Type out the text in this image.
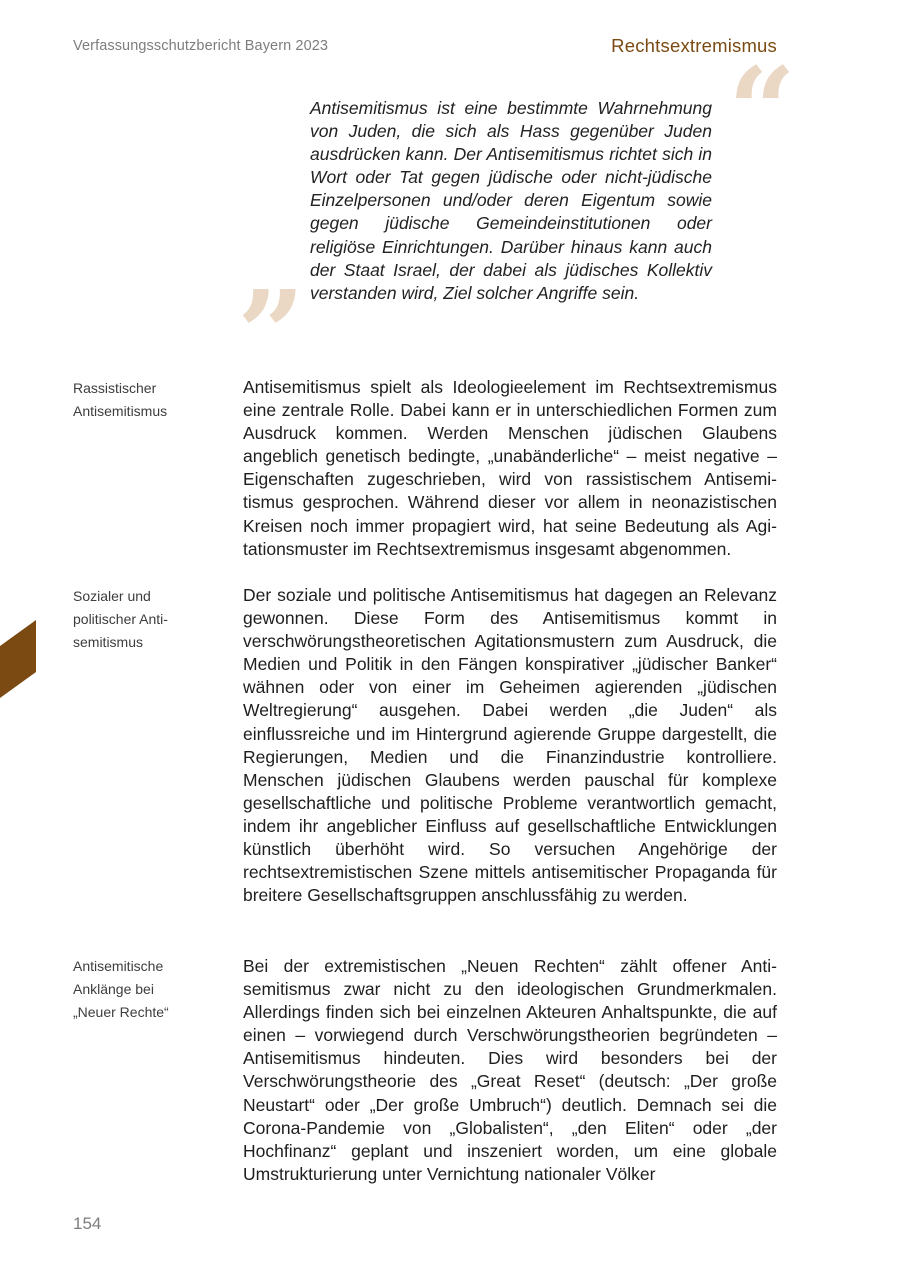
Verfassungsschutzbericht Bayern 2023	Rechtsextremismus
“
Antisemitismus ist eine bestimmte Wahrnehmung von Juden, die sich als Hass gegenüber Juden ausdrücken kann. Der Antisemitismus richtet sich in Wort oder Tat gegen jüdische oder nicht-jüdische Einzelpersonen und/oder deren Eigentum sowie gegen jüdische Gemeindeinstitutionen oder religiöse Einrichtungen. Darüber hinaus kann auch der Staat Israel, der dabei als jüdisches Kollektiv verstanden wird, Ziel solcher Angriffe sein.
”
Rassistischer Antisemitismus
Antisemitismus spielt als Ideologieelement im Rechtsextremismus eine zentrale Rolle. Dabei kann er in unterschiedlichen Formen zum Ausdruck kommen. Werden Menschen jüdischen Glaubens angeblich genetisch bedingte, „unabänderliche“ – meist negative – Eigenschaften zugeschrieben, wird von rassistischem Antisemitismus gesprochen. Während dieser vor allem in neonazistischen Kreisen noch immer propagiert wird, hat seine Bedeutung als Agitationsmuster im Rechtsextremismus insgesamt abgenommen.
Sozialer und politischer Antisemitismus
Der soziale und politische Antisemitismus hat dagegen an Relevanz gewonnen. Diese Form des Antisemitismus kommt in verschwörungstheoretischen Agitationsmustern zum Ausdruck, die Medien und Politik in den Fängen konspirativer „jüdischer Banker“ wähnen oder von einer im Geheimen agierenden „jüdischen Weltregierung“ ausgehen. Dabei werden „die Juden“ als einflussreiche und im Hintergrund agierende Gruppe dargestellt, die Regierungen, Medien und die Finanzindustrie kontrolliere. Menschen jüdischen Glaubens werden pauschal für komplexe gesellschaftliche und politische Probleme verantwortlich gemacht, indem ihr angeblicher Einfluss auf gesellschaftliche Entwicklungen künstlich überhöht wird. So versuchen Angehörige der rechtsextremistischen Szene mittels antisemitischer Propaganda für breitere Gesellschaftsgruppen anschlussfähig zu werden.
Antisemitische Anklänge bei „Neuer Rechte“
Bei der extremistischen „Neuen Rechten“ zählt offener Antisemitismus zwar nicht zu den ideologischen Grundmerkmalen. Allerdings finden sich bei einzelnen Akteuren Anhaltspunkte, die auf einen – vorwiegend durch Verschwörungstheorien begründeten – Antisemitismus hindeuten. Dies wird besonders bei der Verschwörungstheorie des „Great Reset“ (deutsch: „Der große Neustart“ oder „Der große Umbruch“) deutlich. Demnach sei die Corona-Pandemie von „Globalisten“, „den Eliten“ oder „der Hochfinanz“ geplant und inszeniert worden, um eine globale Umstrukturierung unter Vernichtung nationaler Völker
154
